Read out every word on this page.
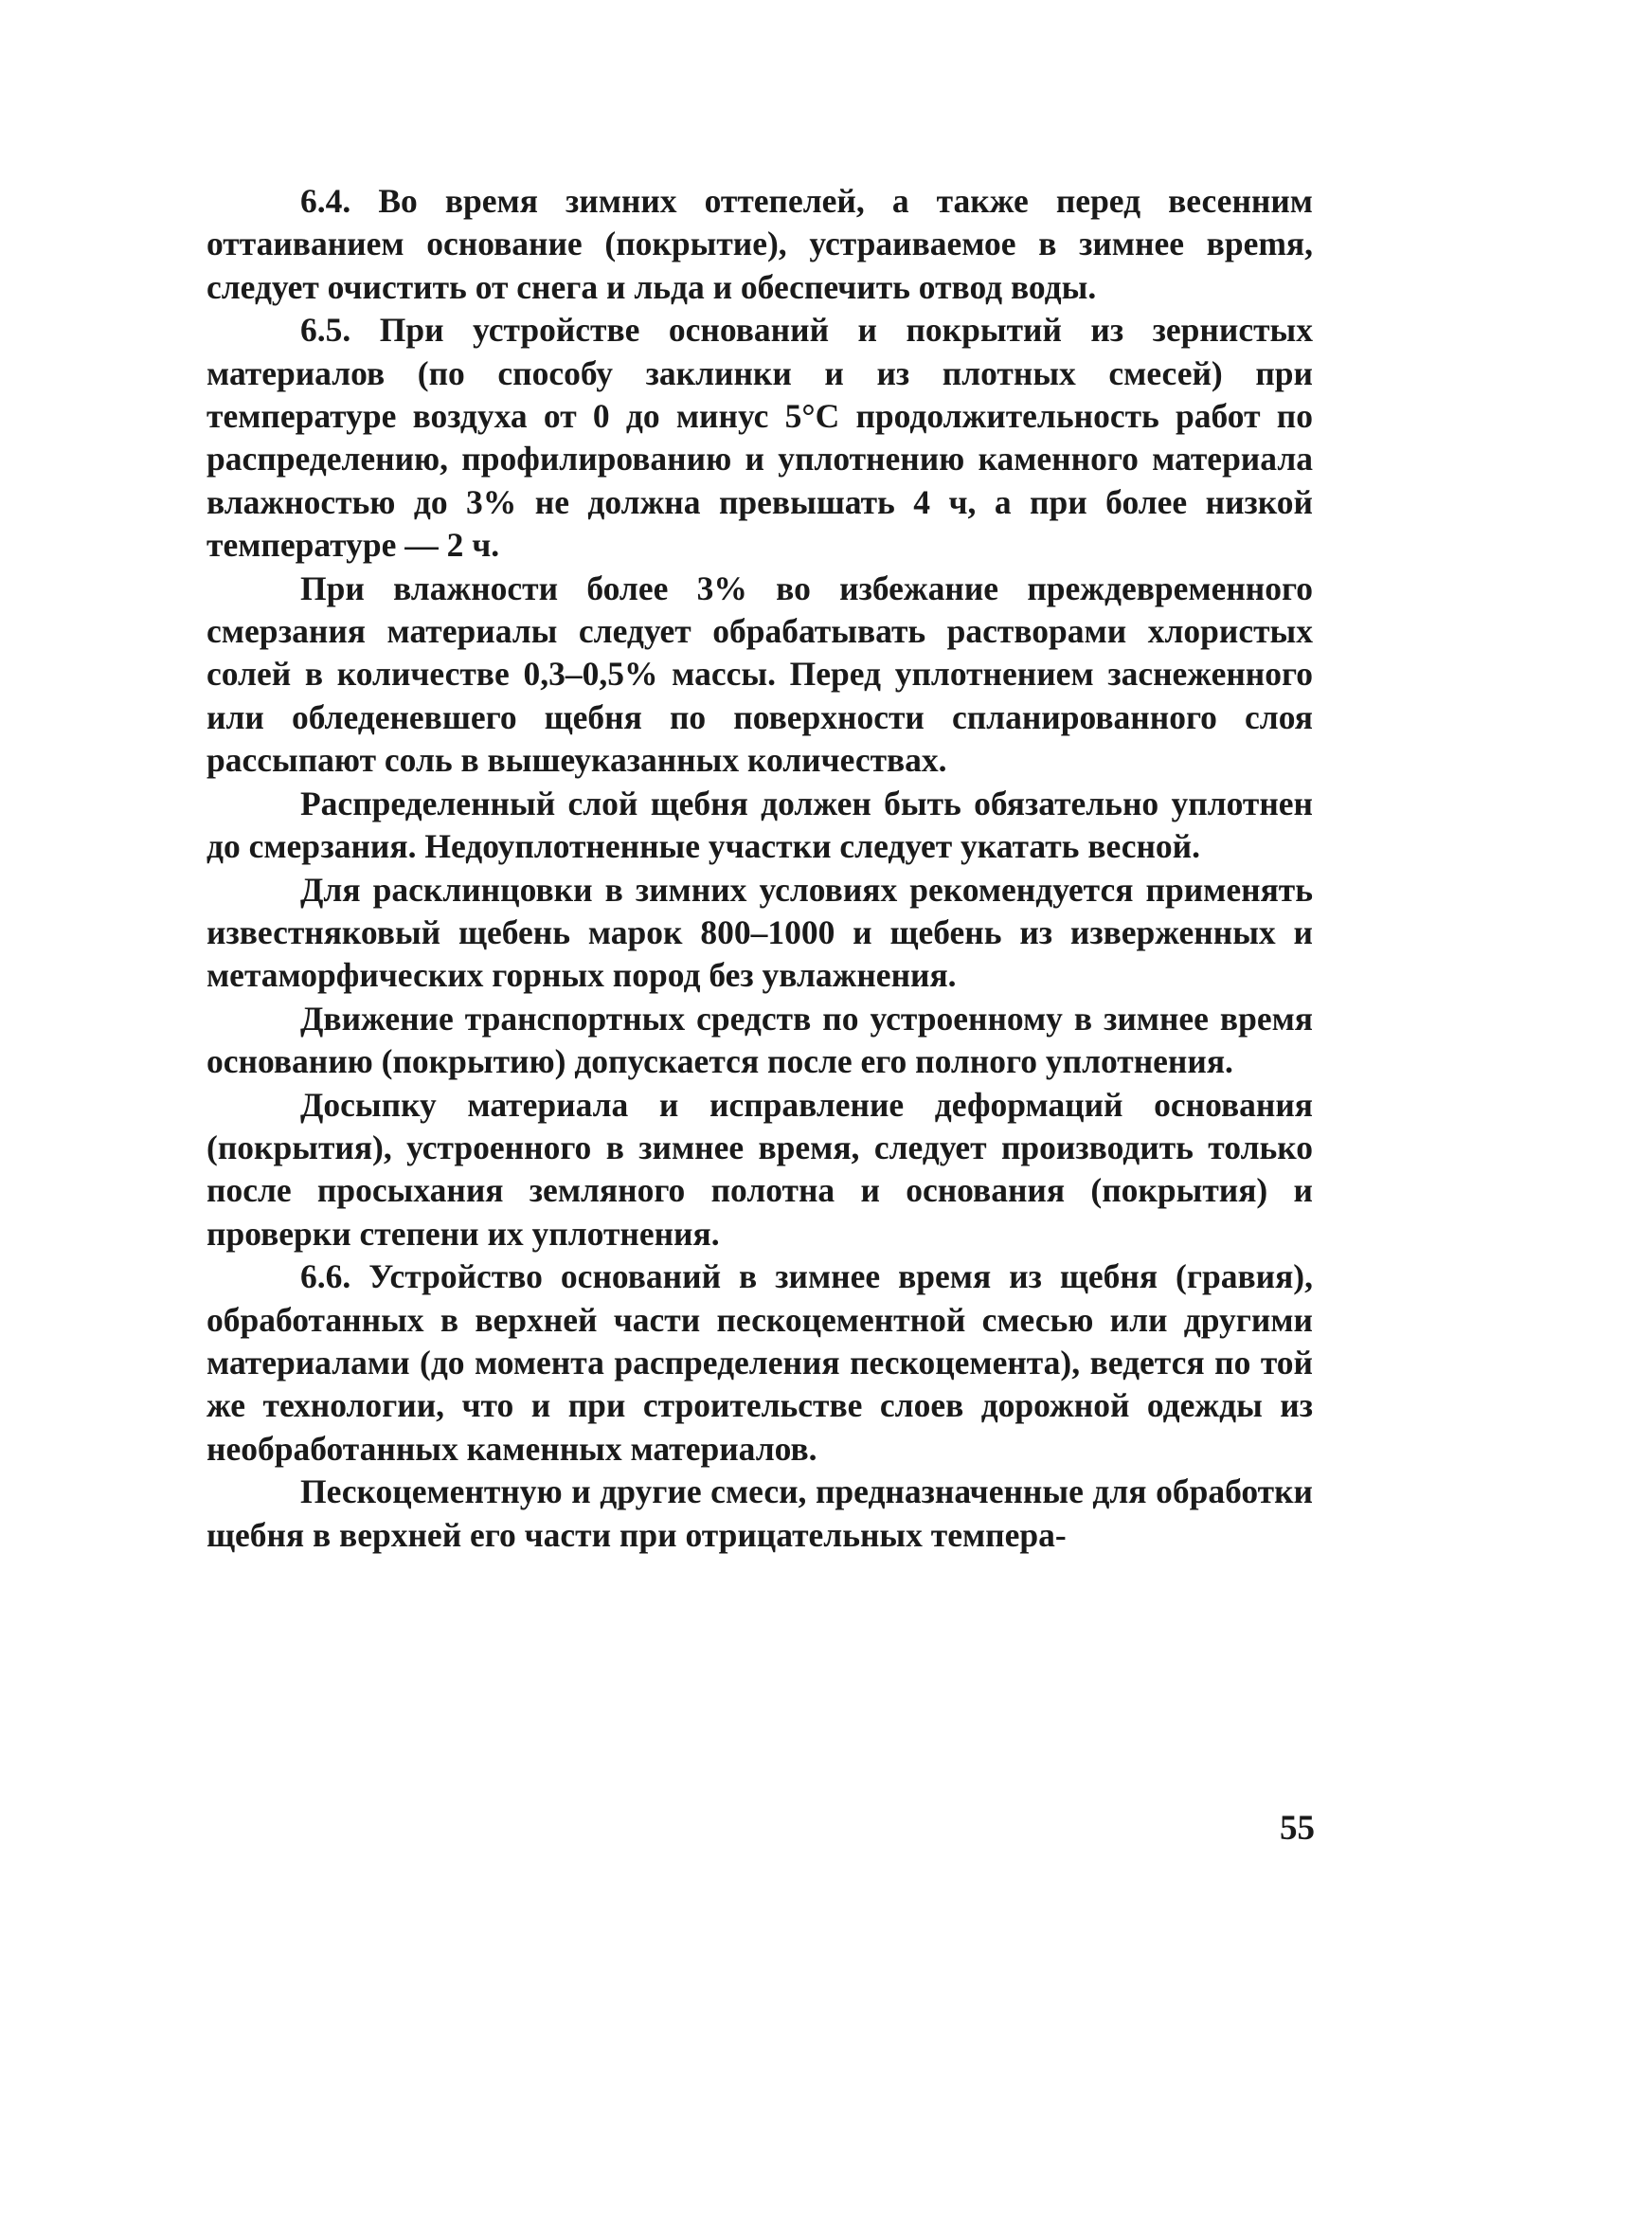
6.4. Во время зимних оттепелей, а также перед весенним оттаиванием основание (покрытие), устраиваемое в зимнее вреmя, следует очистить от снега и льда и обеспечить отвод воды.

6.5. При устройстве оснований и покрытий из зернистых материалов (по способу заклинки и из плотных смесей) при температуре воздуха от 0 до минус 5°С продолжительность работ по распределению, профилированию и уплотнению каменного материала влажностью до 3% не должна превышать 4 ч, а при более низкой температуре — 2 ч.

При влажности более 3% во избежание преждевременного смерзания материалы следует обрабатывать растворами хлористых солей в количестве 0,3–0,5% массы. Перед уплотнением заснеженного или обледеневшего щебня по поверхности спланированного слоя рассыпают соль в вышеуказанных количествах.

Распределенный слой щебня должен быть обязательно уплотнен до смерзания. Недоуплотненные участки следует укатать весной.

Для расклинцовки в зимних условиях рекомендуется применять известняковый щебень марок 800–1000 и щебень из изверженных и метаморфических горных пород без увлажнения.

Движение транспортных средств по устроенному в зимнее время основанию (покрытию) допускается после его полного уплотнения.

Досыпку материала и исправление деформаций основания (покрытия), устроенного в зимнее время, следует производить только после просыхания земляного полотна и основания (покрытия) и проверки степени их уплотнения.

6.6. Устройство оснований в зимнее время из щебня (гравия), обработанных в верхней части пескоцементной смесью или другими материалами (до момента распределения пескоцемента), ведется по той же технологии, что и при строительстве слоев дорожной одежды из необработанных каменных материалов.

Пескоцементную и другие смеси, предназначенные для обработки щебня в верхней его части при отрицательных темпера-

55
